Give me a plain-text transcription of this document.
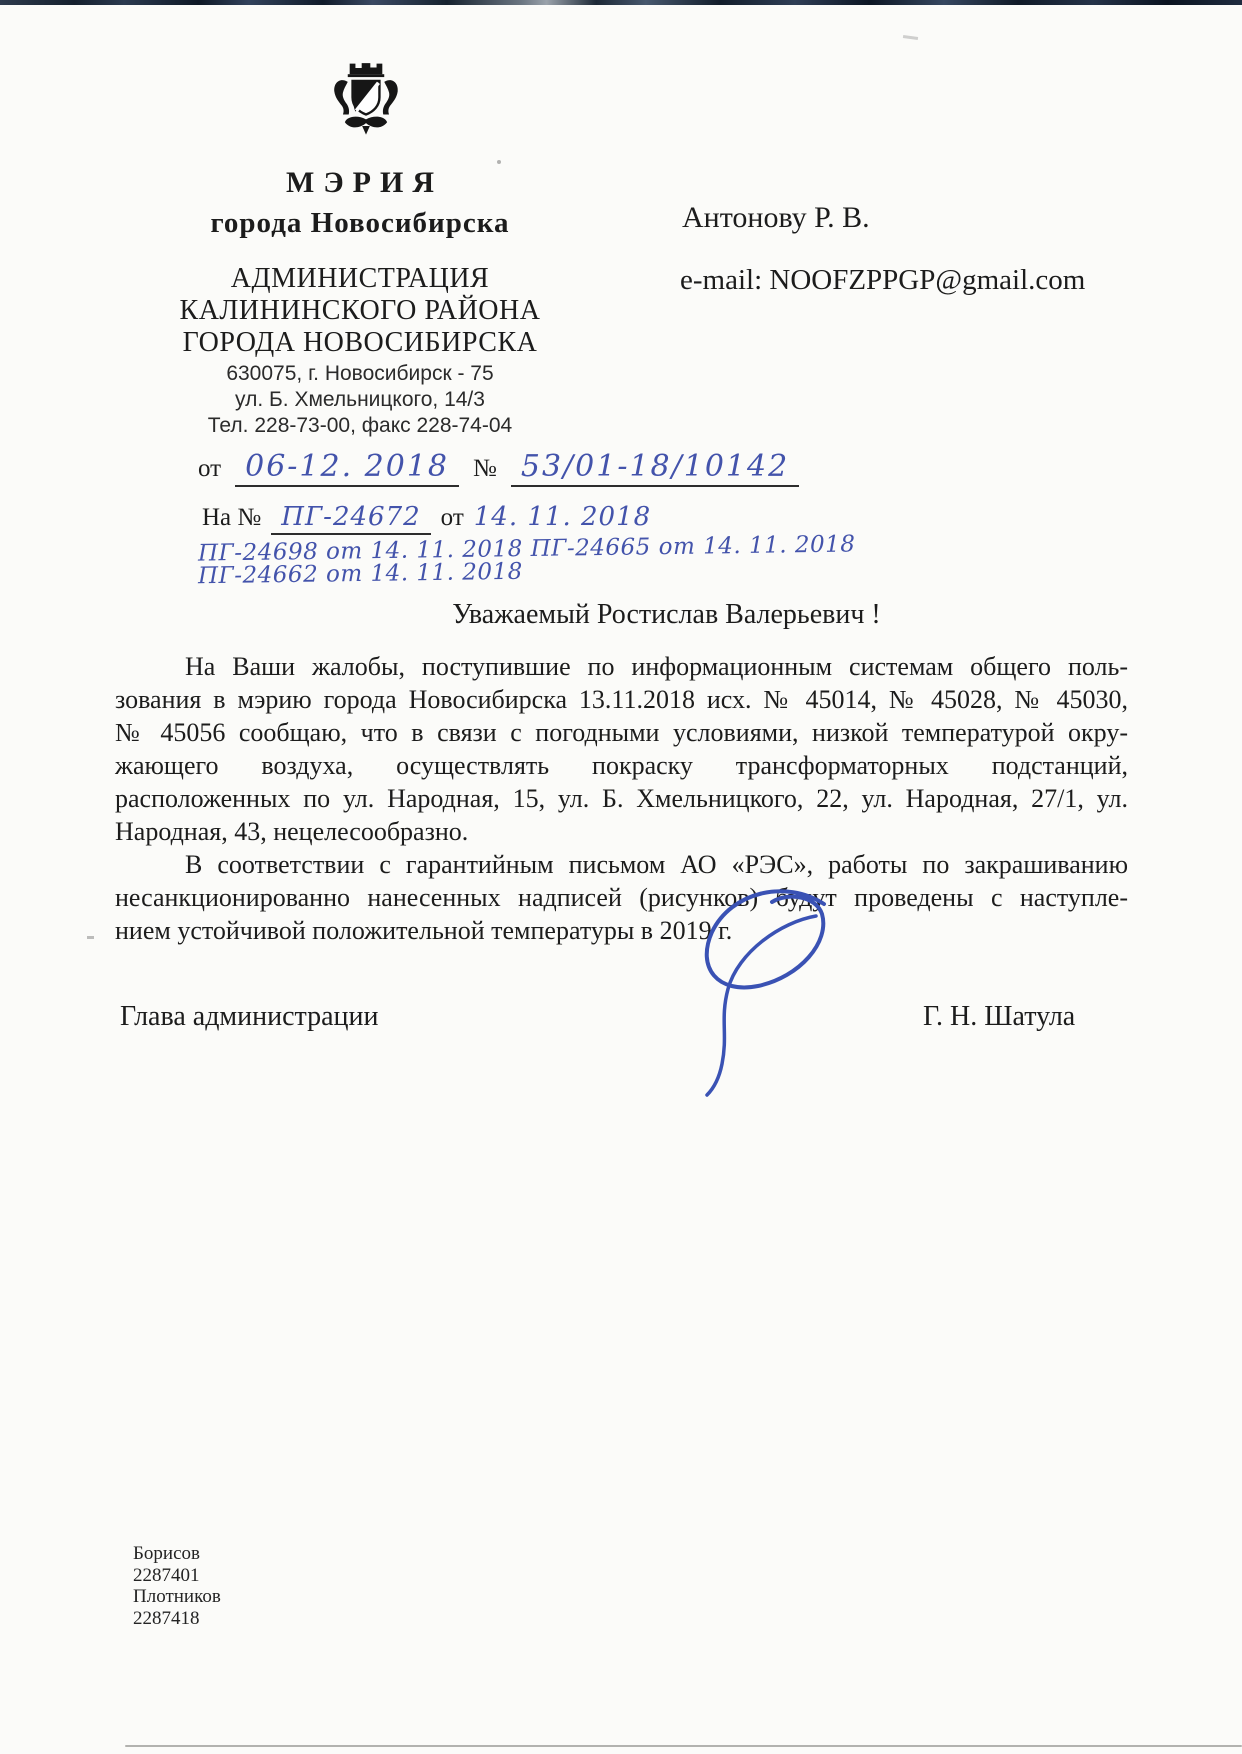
МЭРИЯ
города Новосибирска
АДМИНИСТРАЦИЯ
КАЛИНИНСКОГО РАЙОНА
ГОРОДА НОВОСИБИРСКА
630075, г. Новосибирск - 75
ул. Б. Хмельницкого, 14/3
Тел. 228-73-00, факс 228-74-04
от 06-12. 2018 № 53/01-18/10142
На № ПГ-24672 от 14. 11. 2018
ПГ-24698 от 14. 11. 2018 ПГ-24665 от 14. 11. 2018
ПГ-24662 от 14. 11. 2018
Антонову Р. В.
e-mail: NOOFZPPGP@gmail.com
Уважаемый Ростислав Валерьевич !
На Ваши жалобы, поступившие по информационным системам общего поль-
зования в мэрию города Новосибирска 13.11.2018 исх. № 45014, № 45028, № 45030,
№ 45056 сообщаю, что в связи с погодными условиями, низкой температурой окру-
жающего воздуха, осуществлять покраску трансформаторных подстанций,
расположенных по ул. Народная, 15, ул. Б. Хмельницкого, 22, ул. Народная, 27/1, ул.
Народная, 43, нецелесообразно.
В соответствии с гарантийным письмом АО «РЭС», работы по закрашиванию
несанкционированно нанесенных надписей (рисунков) будут проведены с наступле-
нием устойчивой положительной температуры в 2019 г.
Глава администрации	Г. Н. Шатула
Борисов
2287401
Плотников
2287418
